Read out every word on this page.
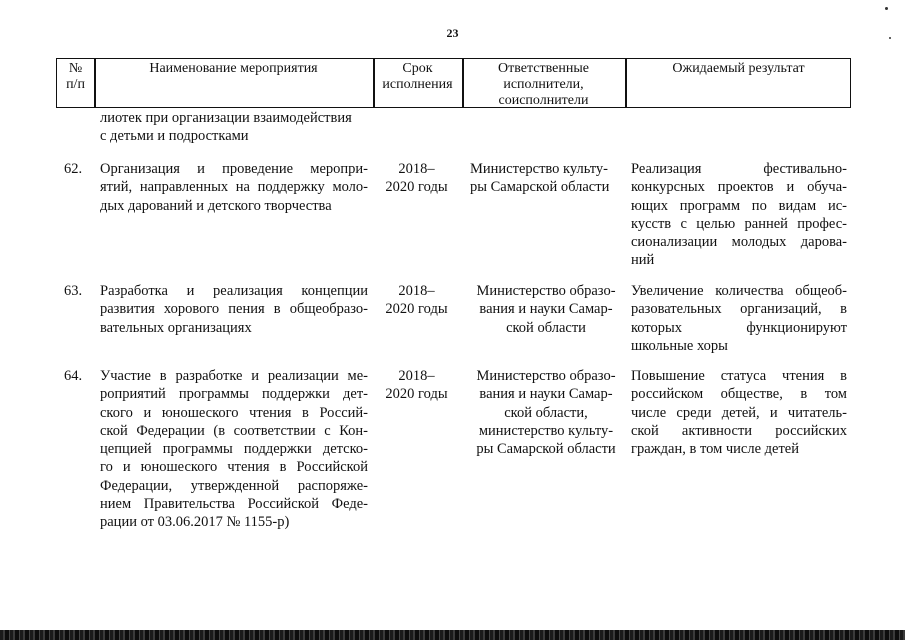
23
№
п/п
Наименование мероприятия	Срок
исполнения
Ответственные
исполнители,
соисполнители
Ожидаемый результат
лиотек при организации взаимодействия
с детьми и подростками
62. Организация и проведение меропри-
ятий, направленных на поддержку моло-
дых дарований и детского творчества
2018–
2020 годы
Министерство культу-
ры Самарской области
Реализация фестивально-
конкурсных проектов и обуча-
ющих программ по видам ис-
кусств с целью ранней профес-
сионализации молодых дарова-
ний
63. Разработка и реализация концепции
развития хорового пения в общеобразо-
вательных организациях
2018–
2020 годы
Министерство образо-
вания и науки Самар-
ской области
Увеличение количества общеоб-
разовательных организаций, в
которых функционируют
школьные хоры
64. Участие в разработке и реализации ме-
роприятий программы поддержки дет-
ского и юношеского чтения в Россий-
ской Федерации (в соответствии с Кон-
цепцией программы поддержки детско-
го и юношеского чтения в Российской
Федерации, утвержденной распоряже-
нием Правительства Российской Феде-
рации от 03.06.2017 № 1155-р)
2018–
2020 годы
Министерство образо-
вания и науки Самар-
ской области,
министерство культу-
ры Самарской области
Повышение статуса чтения в
российском обществе, в том
числе среди детей, и читатель-
ской активности российских
граждан, в том числе детей
